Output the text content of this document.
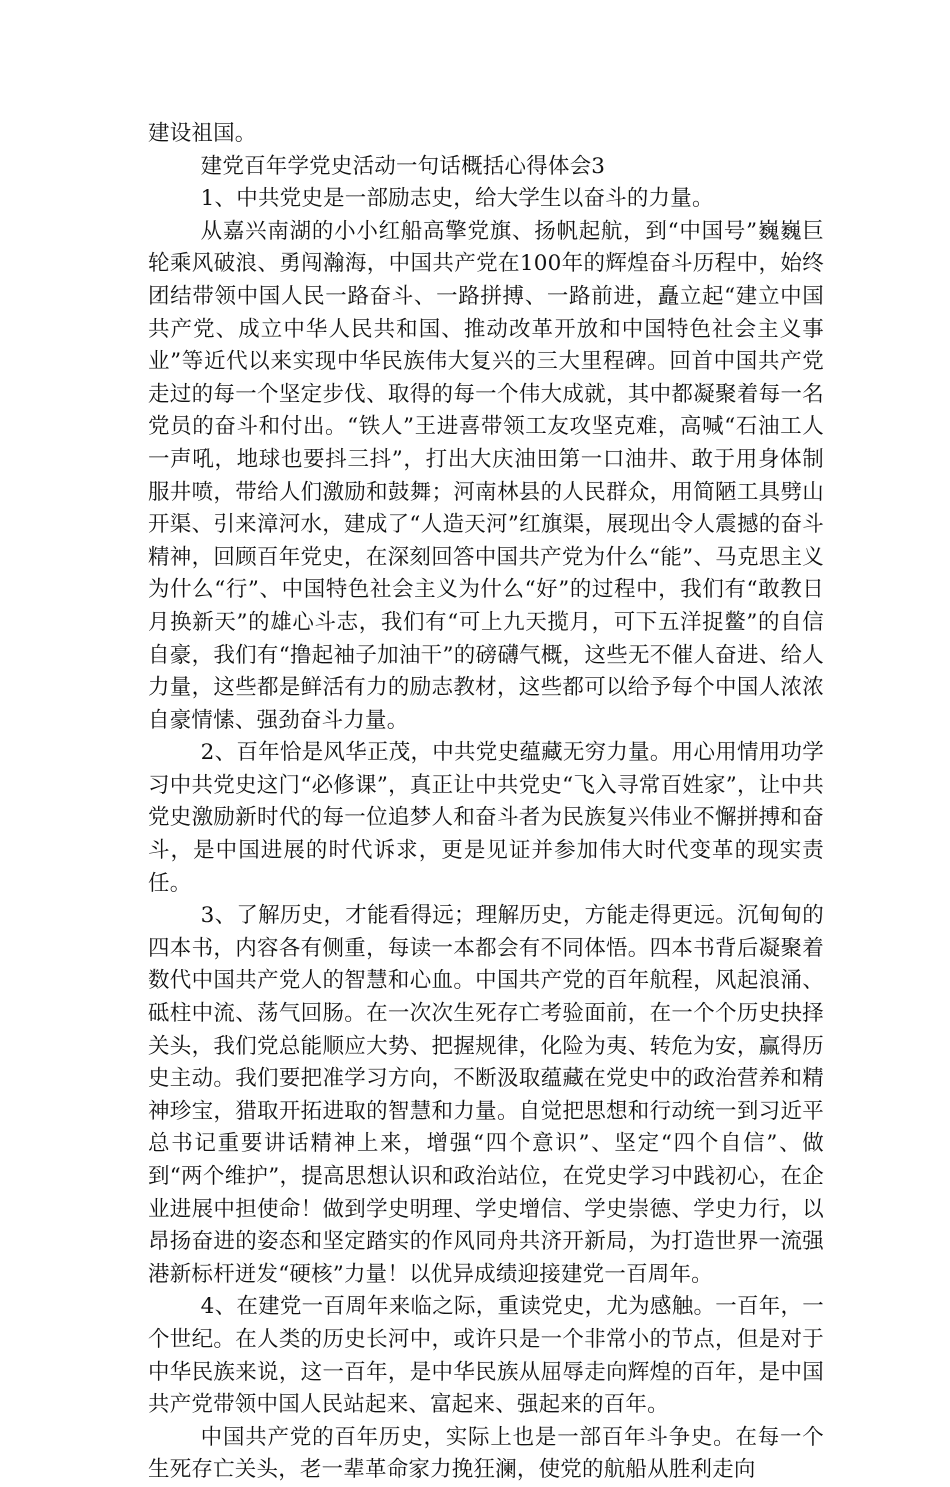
建设祖国。

建党百年学党史活动一句话概括心得体会3

1、中共党史是一部励志史，给大学生以奋斗的力量。

从嘉兴南湖的小小红船高擎党旗、扬帆起航，到“中国号”巍巍巨轮乘风破浪、勇闯瀚海，中国共产党在100年的辉煌奋斗历程中，始终团结带领中国人民一路奋斗、一路拼搏、一路前进，矗立起“建立中国共产党、成立中华人民共和国、推动改革开放和中国特色社会主义事业”等近代以来实现中华民族伟大复兴的三大里程碑。回首中国共产党走过的每一个坚定步伐、取得的每一个伟大成就，其中都凝聚着每一名党员的奋斗和付出。“铁人”王进喜带领工友攻坚克难，高喊“石油工人一声吼，地球也要抖三抖”，打出大庆油田第一口油井、敢于用身体制服井喷，带给人们激励和鼓舞；河南林县的人民群众，用简陋工具劈山开渠、引来漳河水，建成了“人造天河”红旗渠，展现出令人震撼的奋斗精神，回顾百年党史，在深刻回答中国共产党为什么“能”、马克思主义为什么“行”、中国特色社会主义为什么“好”的过程中，我们有“敢教日月换新天”的雄心斗志，我们有“可上九天揽月，可下五洋捉鳖”的自信自豪，我们有“撸起袖子加油干”的磅礴气概，这些无不催人奋进、给人力量，这些都是鲜活有力的励志教材，这些都可以给予每个中国人浓浓自豪情愫、强劲奋斗力量。

2、百年恰是风华正茂，中共党史蕴藏无穷力量。用心用情用功学习中共党史这门“必修课”，真正让中共党史“飞入寻常百姓家”，让中共党史激励新时代的每一位追梦人和奋斗者为民族复兴伟业不懈拼搏和奋斗，是中国进展的时代诉求，更是见证并参加伟大时代变革的现实责任。

3、了解历史，才能看得远；理解历史，方能走得更远。沉甸甸的四本书，内容各有侧重，每读一本都会有不同体悟。四本书背后凝聚着数代中国共产党人的智慧和心血。中国共产党的百年航程，风起浪涌、砥柱中流、荡气回肠。在一次次生死存亡考验面前，在一个个历史抉择关头，我们党总能顺应大势、把握规律，化险为夷、转危为安，赢得历史主动。我们要把准学习方向，不断汲取蕴藏在党史中的政治营养和精神珍宝，猎取开拓进取的智慧和力量。自觉把思想和行动统一到习近平总书记重要讲话精神上来，增强“四个意识”、坚定“四个自信”、做到“两个维护”，提高思想认识和政治站位，在党史学习中践初心，在企业进展中担使命！做到学史明理、学史增信、学史崇德、学史力行，以昂扬奋进的姿态和坚定踏实的作风同舟共济开新局，为打造世界一流强港新标杆迸发“硬核”力量！以优异成绩迎接建党一百周年。

4、在建党一百周年来临之际，重读党史，尤为感触。一百年，一个世纪。在人类的历史长河中，或许只是一个非常小的节点，但是对于中华民族来说，这一百年，是中华民族从屈辱走向辉煌的百年，是中国共产党带领中国人民站起来、富起来、强起来的百年。

中国共产党的百年历史，实际上也是一部百年斗争史。在每一个生死存亡关头，老一辈革命家力挽狂澜，使党的航船从胜利走向
